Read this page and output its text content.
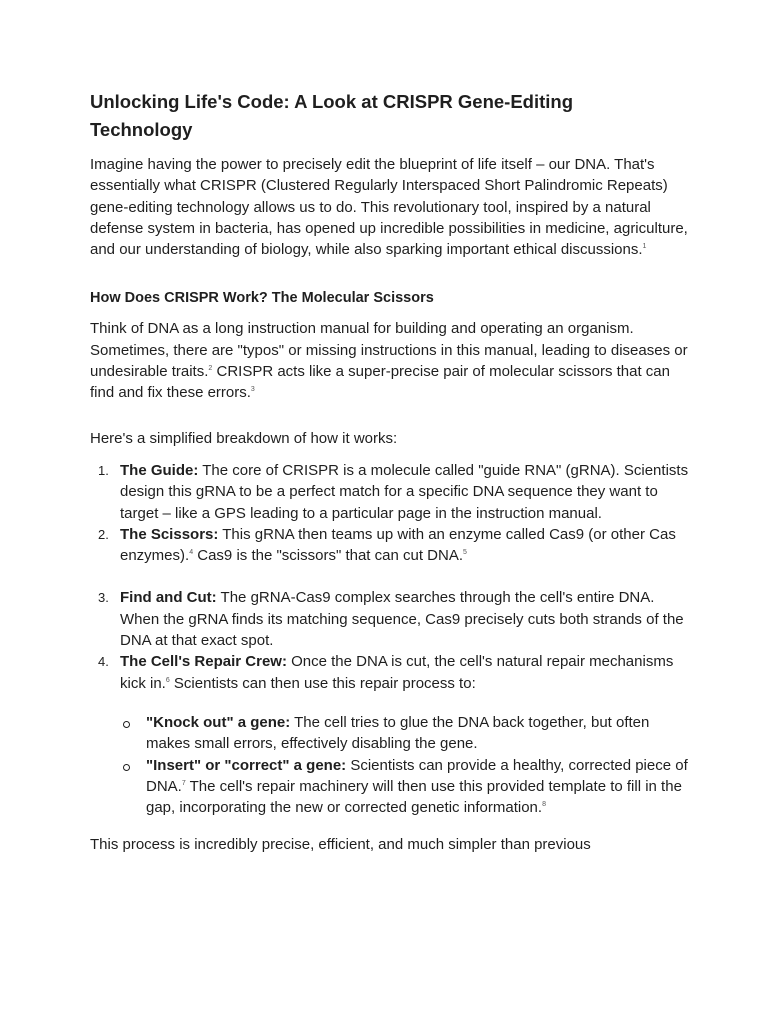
Unlocking Life's Code: A Look at CRISPR Gene-Editing
Technology

Imagine having the power to precisely edit the blueprint of life itself – our DNA. That's essentially what CRISPR (Clustered Regularly Interspaced Short Palindromic Repeats) gene-editing technology allows us to do. This revolutionary tool, inspired by a natural defense system in bacteria, has opened up incredible possibilities in medicine, agriculture, and our understanding of biology, while also sparking important ethical discussions.$^1$

How Does CRISPR Work? The Molecular Scissors

Think of DNA as a long instruction manual for building and operating an organism. Sometimes, there are "typos" or missing instructions in this manual, leading to diseases or undesirable traits.$^2$ CRISPR acts like a super-precise pair of molecular scissors that can find and fix these errors.$^3$

Here's a simplified breakdown of how it works:

1. The Guide: The core of CRISPR is a molecule called "guide RNA" (gRNA). Scientists design this gRNA to be a perfect match for a specific DNA sequence they want to target – like a GPS leading to a particular page in the instruction manual.
2. The Scissors: This gRNA then teams up with an enzyme called Cas9 (or other Cas enzymes).$^4$ Cas9 is the "scissors" that can cut DNA.$^5$
3. Find and Cut: The gRNA-Cas9 complex searches through the cell's entire DNA. When the gRNA finds its matching sequence, Cas9 precisely cuts both strands of the DNA at that exact spot.
4. The Cell's Repair Crew: Once the DNA is cut, the cell's natural repair mechanisms kick in.$^6$ Scientists can then use this repair process to:
"Knock out" a gene: The cell tries to glue the DNA back together, but often makes small errors, effectively disabling the gene.
"Insert" or "correct" a gene: Scientists can provide a healthy, corrected piece of DNA.$^7$ The cell's repair machinery will then use this provided template to fill in the gap, incorporating the new or corrected genetic information.$^8$

This process is incredibly precise, efficient, and much simpler than previous
